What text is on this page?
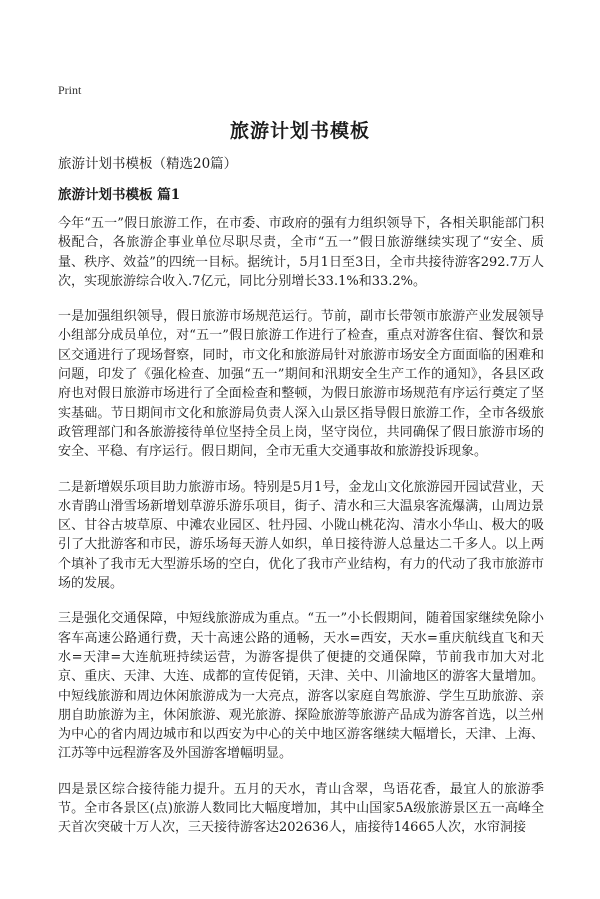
Print
旅游计划书模板

旅游计划书模板（精选20篇）

旅游计划书模板 篇1

今年“五一”假日旅游工作，在市委、市政府的强有力组织领导下，各相关职能部门积极配合，各旅游企事业单位尽职尽责，全市“五一”假日旅游继续实现了“安全、质量、秩序、效益”的四统一目标。据统计，5月1日至3日，全市共接待游客292.7万人次，实现旅游综合收入.7亿元，同比分别增长33.1%和33.2%。

一是加强组织领导，假日旅游市场规范运行。节前，副市长带领市旅游产业发展领导小组部分成员单位，对“五一”假日旅游工作进行了检查，重点对游客住宿、餐饮和景区交通进行了现场督察，同时，市文化和旅游局针对旅游市场安全方面面临的困难和问题，印发了《强化检查、加强“五一”期间和汛期安全生产工作的通知》，各县区政府也对假日旅游市场进行了全面检查和整顿，为假日旅游市场规范有序运行奠定了坚实基础。节日期间市文化和旅游局负责人深入山景区指导假日旅游工作，全市各级旅政管理部门和各旅游接待单位坚持全员上岗，坚守岗位，共同确保了假日旅游市场的安全、平稳、有序运行。假日期间，全市无重大交通事故和旅游投诉现象。

二是新增娱乐项目助力旅游市场。特别是5月1号，金龙山文化旅游园开园试营业，天水青鹃山滑雪场新增划草游乐游乐项目，街子、清水和三大温泉客流爆满，山周边景区、甘谷古坡草原、中滩农业园区、牡丹园、小陇山桃花沟、清水小华山、极大的吸引了大批游客和市民，游乐场每天游人如织，单日接待游人总量达二千多人。以上两个填补了我市无大型游乐场的空白，优化了我市产业结构，有力的代动了我市旅游市场的发展。

三是强化交通保障，中短线旅游成为重点。“五一”小长假期间，随着国家继续免除小客车高速公路通行费，天十高速公路的通畅，天水=西安，天水=重庆航线直飞和天水=天津=大连航班持续运营，为游客提供了便捷的交通保障，节前我市加大对北京、重庆、天津、大连、成都的宣传促销，天津、关中、川渝地区的游客大量增加。中短线旅游和周边休闲旅游成为一大亮点，游客以家庭自驾旅游、学生互助旅游、亲朋自助旅游为主，休闲旅游、观光旅游、探险旅游等旅游产品成为游客首选，以兰州为中心的省内周边城市和以西安为中心的关中地区游客继续大幅增长，天津、上海、江苏等中远程游客及外国游客增幅明显。

四是景区综合接待能力提升。五月的天水，青山含翠，鸟语花香，最宜人的旅游季节。全市各景区(点)旅游人数同比大幅度增加，其中山国家5A级旅游景区五一高峰全天首次突破十万人次，三天接待游客达202636人，庙接待14665人次，水帘洞接
